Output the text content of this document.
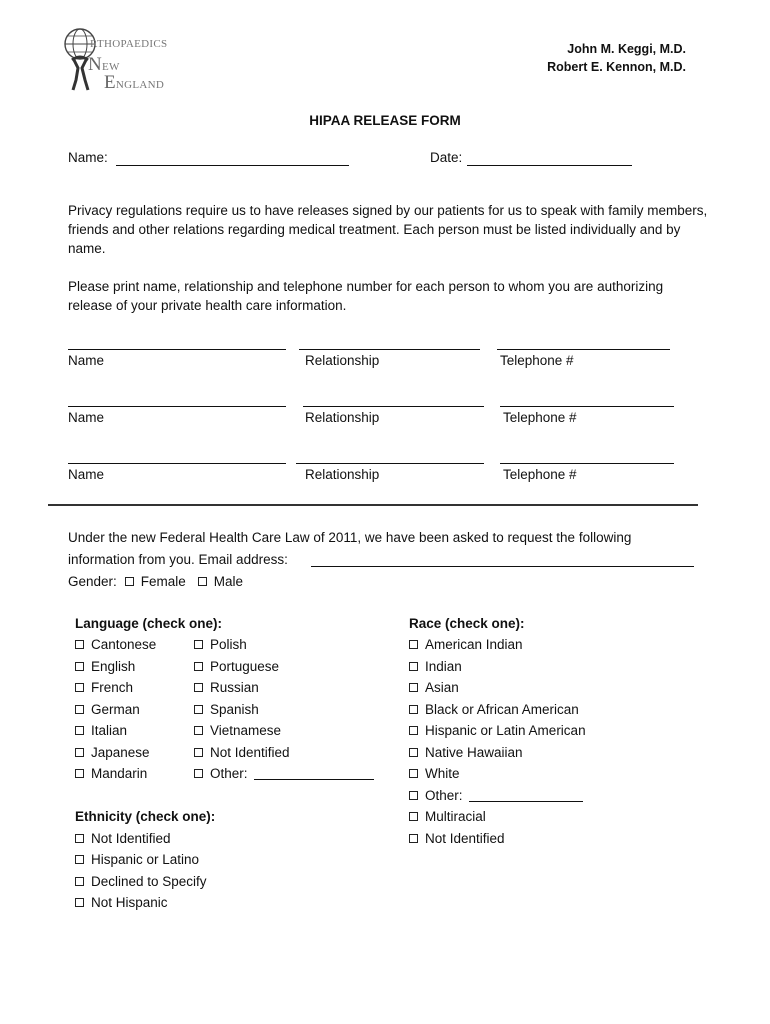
RTHOPAEDICS
NEW
ENGLAND
John M. Keggi, M.D.
Robert E. Kennon, M.D.
HIPAA RELEASE FORM
Name:	Date:
Privacy regulations require us to have releases signed by our patients for us to speak with family members, friends and other relations regarding medical treatment. Each person must be listed individually and by name.
Please print name, relationship and telephone number for each person to whom you are authorizing release of your private health care information.
Name	Relationship	Telephone #
Name	Relationship	Telephone #
Name	Relationship	Telephone #
Under the new Federal Health Care Law of 2011, we have been asked to request the following
information from you. Email address:
Gender: Female Male
Language (check one):
Cantonese
English
French
German
Italian
Japanese
Mandarin
Polish
Portuguese
Russian
Spanish
Vietnamese
Not Identified
Other:
Ethnicity (check one):
Not Identified
Hispanic or Latino
Declined to Specify
Not Hispanic
Race (check one):
American Indian
Indian
Asian
Black or African American
Hispanic or Latin American
Native Hawaiian
White
Other:
Multiracial
Not Identified
